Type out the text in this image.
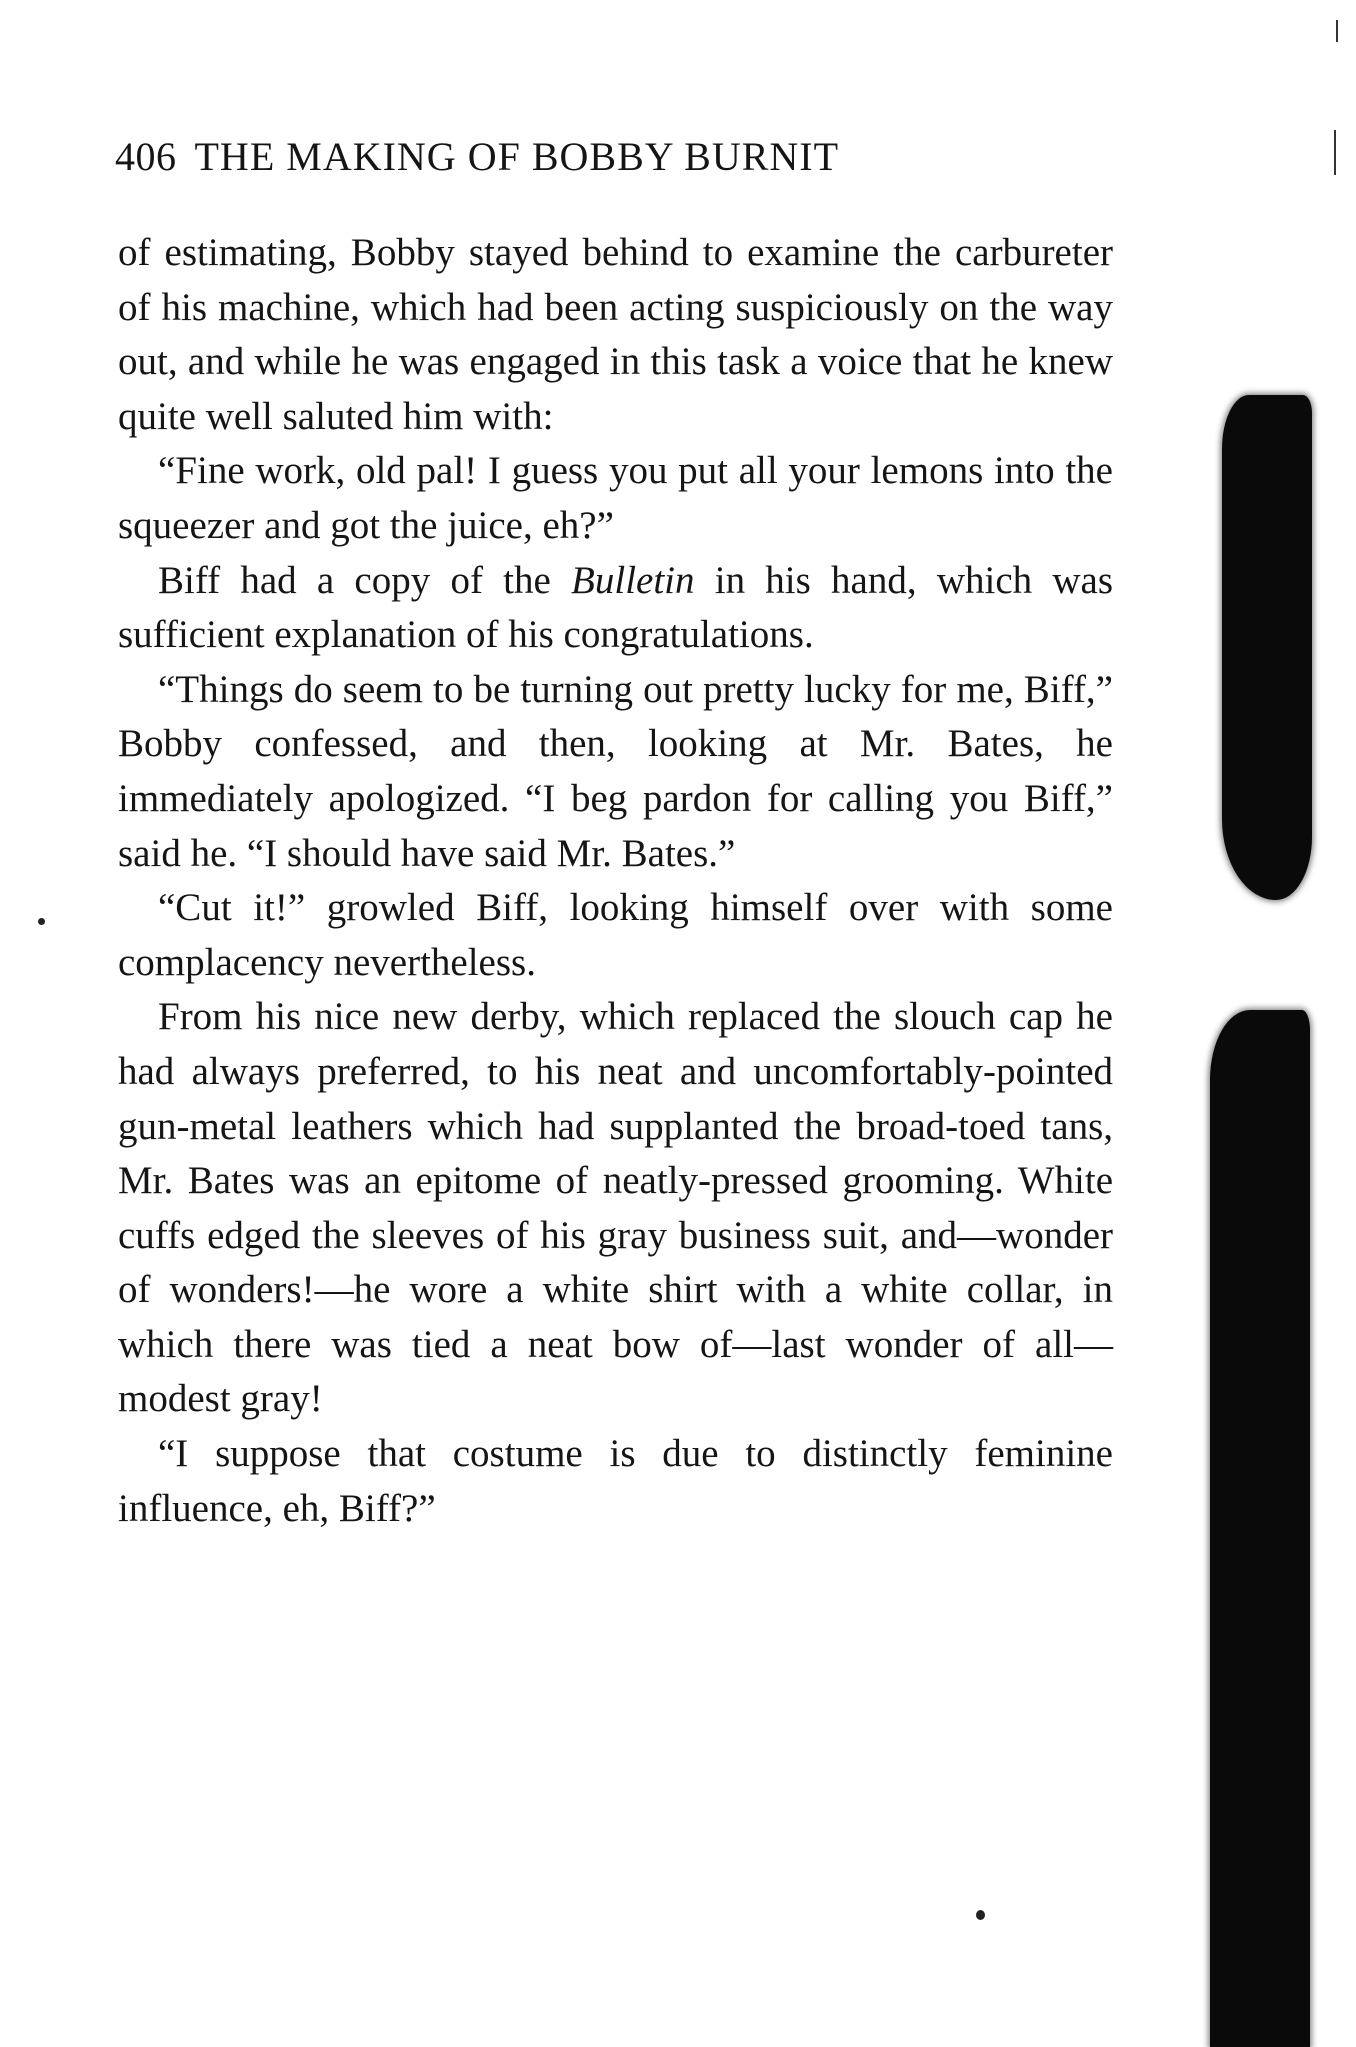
406 THE MAKING OF BOBBY BURNIT

of estimating, Bobby stayed behind to examine the carbureter of his machine, which had been acting suspiciously on the way out, and while he was engaged in this task a voice that he knew quite well saluted him with:

“Fine work, old pal! I guess you put all your lemons into the squeezer and got the juice, eh?”

Biff had a copy of the Bulletin in his hand, which was sufficient explanation of his congratulations.

“Things do seem to be turning out pretty lucky for me, Biff,” Bobby confessed, and then, looking at Mr. Bates, he immediately apologized. “I beg pardon for calling you Biff,” said he. “I should have said Mr. Bates.”

“Cut it!” growled Biff, looking himself over with some complacency nevertheless.

From his nice new derby, which replaced the slouch cap he had always preferred, to his neat and uncomfortably-pointed gun-metal leathers which had supplanted the broad-toed tans, Mr. Bates was an epitome of neatly-pressed grooming. White cuffs edged the sleeves of his gray business suit, and—wonder of wonders!—he wore a white shirt with a white collar, in which there was tied a neat bow of—last wonder of all—modest gray!

“I suppose that costume is due to distinctly feminine influence, eh, Biff?”
